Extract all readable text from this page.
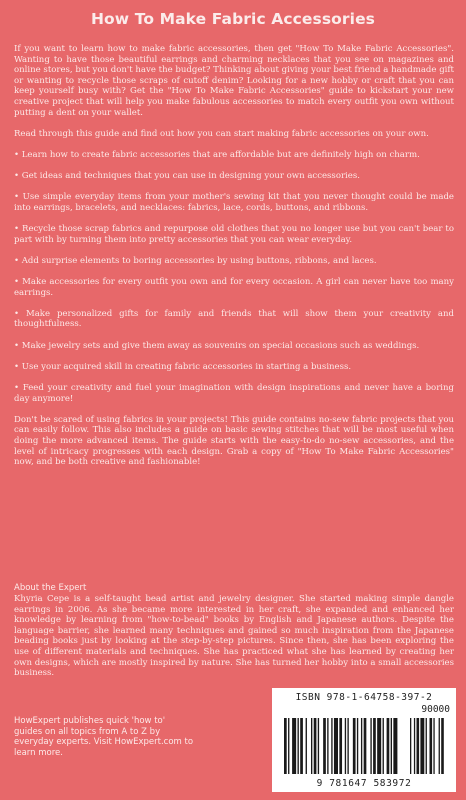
How To Make Fabric Accessories

If you want to learn how to make fabric accessories, then get "How To Make Fabric Accessories". Wanting to have those beautiful earrings and charming necklaces that you see on magazines and online stores, but you don't have the budget? Thinking about giving your best friend a handmade gift or wanting to recycle those scraps of cutoff denim? Looking for a new hobby or craft that you can keep yourself busy with? Get the "How To Make Fabric Accessories" guide to kickstart your new creative project that will help you make fabulous accessories to match every outfit you own without putting a dent on your wallet.

Read through this guide and find out how you can start making fabric accessories on your own.

• Learn how to create fabric accessories that are affordable but are definitely high on charm.

• Get ideas and techniques that you can use in designing your own accessories.

• Use simple everyday items from your mother's sewing kit that you never thought could be made into earrings, bracelets, and necklaces: fabrics, lace, cords, buttons, and ribbons.

• Recycle those scrap fabrics and repurpose old clothes that you no longer use but you can't bear to part with by turning them into pretty accessories that you can wear everyday.

• Add surprise elements to boring accessories by using buttons, ribbons, and laces.

• Make accessories for every outfit you own and for every occasion. A girl can never have too many earrings.

• Make personalized gifts for family and friends that will show them your creativity and thoughtfulness.

• Make jewelry sets and give them away as souvenirs on special occasions such as weddings.

• Use your acquired skill in creating fabric accessories in starting a business.

• Feed your creativity and fuel your imagination with design inspirations and never have a boring day anymore!

Don't be scared of using fabrics in your projects! This guide contains no-sew fabric projects that you can easily follow. This also includes a guide on basic sewing stitches that will be most useful when doing the more advanced items. The guide starts with the easy-to-do no-sew accessories, and the level of intricacy progresses with each design. Grab a copy of "How To Make Fabric Accessories" now, and be both creative and fashionable!

About the Expert
Khyria Cepe is a self-taught bead artist and jewelry designer. She started making simple dangle earrings in 2006. As she became more interested in her craft, she expanded and enhanced her knowledge by learning from "how-to-bead" books by English and Japanese authors. Despite the language barrier, she learned many techniques and gained so much inspiration from the Japanese beading books just by looking at the step-by-step pictures. Since then, she has been exploring the use of different materials and techniques. She has practiced what she has learned by creating her own designs, which are mostly inspired by nature. She has turned her hobby into a small accessories business.
HowExpert publishes quick 'how to' guides on all topics from A to Z by everyday experts. Visit HowExpert.com to learn more.
ISBN 978-1-64758-397-2
90000
9 781647 583972
